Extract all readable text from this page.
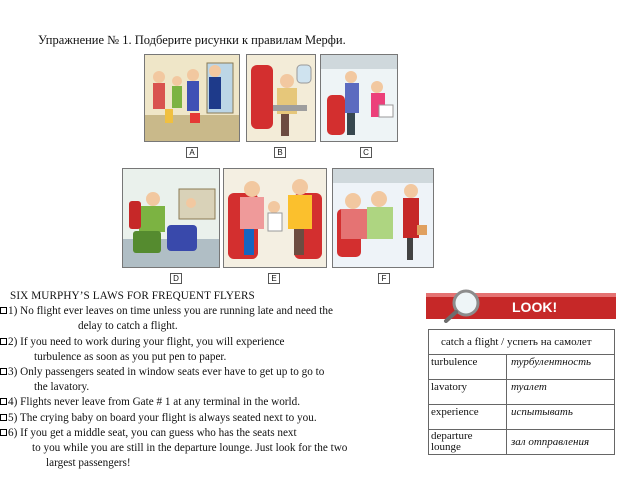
Упражнение № 1. Подберите рисунки к правилам Мерфи.
A	B	C
D	E	F
SIX MURPHY’S LAWS FOR FREQUENT FLYERS
1) No flight ever leaves on time unless you are running late and need the
delay to catch a flight.
2) If you need to work during your flight, you will experience
turbulence as soon as you put pen to paper.
3) Only passengers seated in window seats ever have to get up to go to
the lavatory.
4) Flights never leave from Gate # 1 at any terminal in the world.
5) The crying baby on board your flight is always seated next to you.
6) If you get a middle seat, you can guess who has the seats next
to you while you are still in the departure lounge. Just look for the two
largest passengers!
LOOK!
catch a flight / успеть на самолет	
turbulence	турбулентность
lavatory	туалет
experience	испытывать
departure lounge	зал отправления
